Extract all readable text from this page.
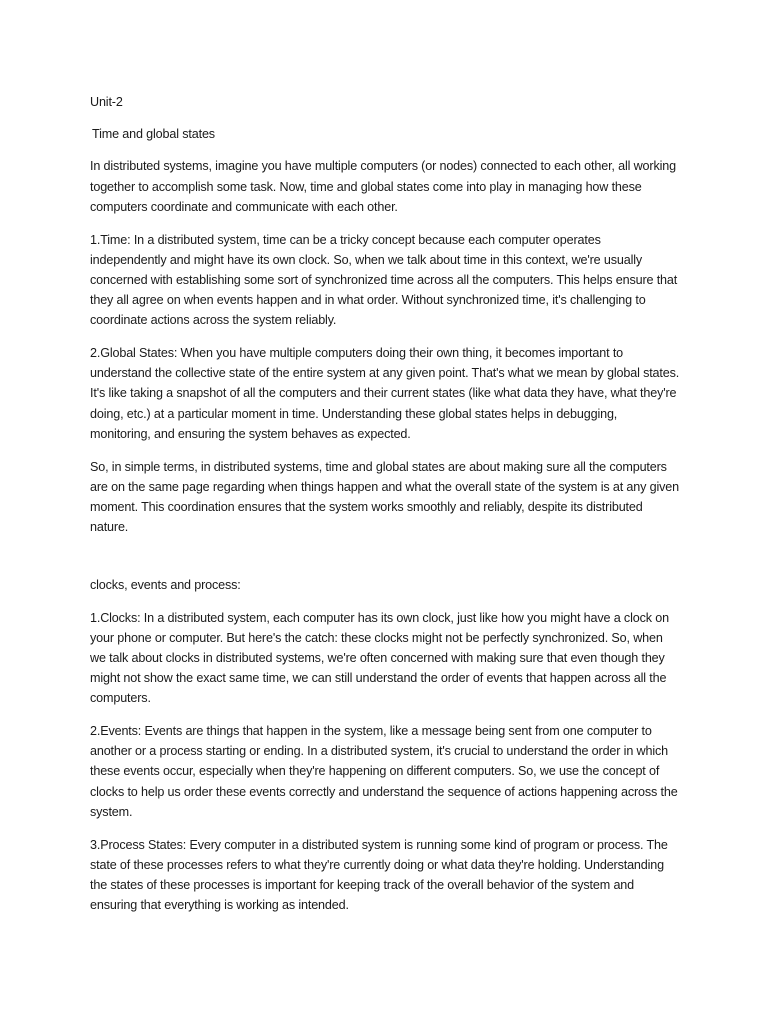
Unit-2

Time and global states

In distributed systems, imagine you have multiple computers (or nodes) connected to each other, all working together to accomplish some task. Now, time and global states come into play in managing how these computers coordinate and communicate with each other.

1.Time: In a distributed system, time can be a tricky concept because each computer operates independently and might have its own clock. So, when we talk about time in this context, we're usually concerned with establishing some sort of synchronized time across all the computers. This helps ensure that they all agree on when events happen and in what order. Without synchronized time, it's challenging to coordinate actions across the system reliably.

2.Global States: When you have multiple computers doing their own thing, it becomes important to understand the collective state of the entire system at any given point. That's what we mean by global states. It's like taking a snapshot of all the computers and their current states (like what data they have, what they're doing, etc.) at a particular moment in time. Understanding these global states helps in debugging, monitoring, and ensuring the system behaves as expected.

So, in simple terms, in distributed systems, time and global states are about making sure all the computers are on the same page regarding when things happen and what the overall state of the system is at any given moment. This coordination ensures that the system works smoothly and reliably, despite its distributed nature.

clocks, events and process:

1.Clocks: In a distributed system, each computer has its own clock, just like how you might have a clock on your phone or computer. But here's the catch: these clocks might not be perfectly synchronized. So, when we talk about clocks in distributed systems, we're often concerned with making sure that even though they might not show the exact same time, we can still understand the order of events that happen across all the computers.

2.Events: Events are things that happen in the system, like a message being sent from one computer to another or a process starting or ending. In a distributed system, it's crucial to understand the order in which these events occur, especially when they're happening on different computers. So, we use the concept of clocks to help us order these events correctly and understand the sequence of actions happening across the system.

3.Process States: Every computer in a distributed system is running some kind of program or process. The state of these processes refers to what they're currently doing or what data they're holding. Understanding the states of these processes is important for keeping track of the overall behavior of the system and ensuring that everything is working as intended.
